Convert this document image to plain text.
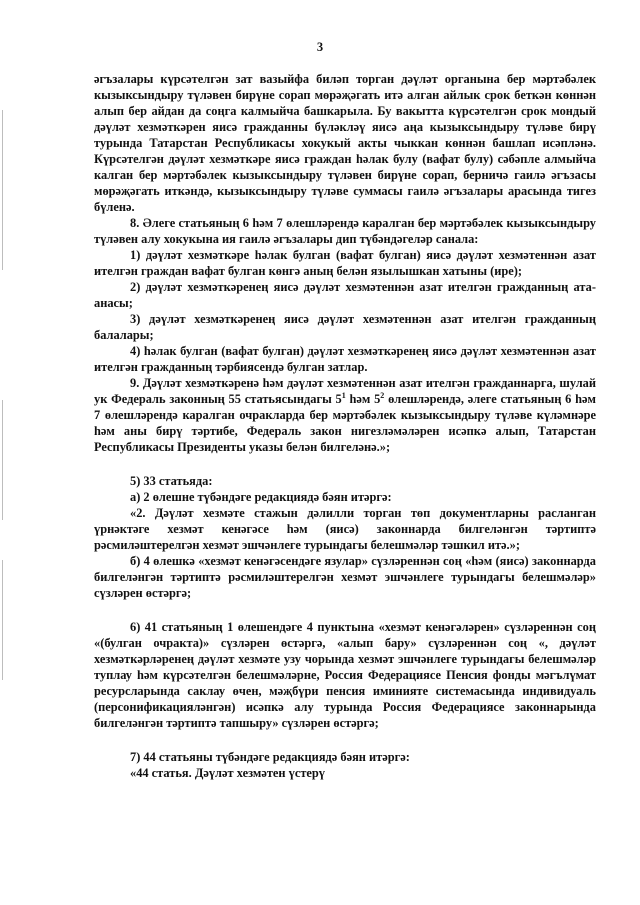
3

əгъзалары күрсәтелгән зат вазыйфа биләп торган дәүләт органына бер мәртәбәлек кызыксындыру түләвен бирүне сорап мөрәҗәгать итә алган айлык срок беткән көннән алып бер айдан да соңга калмыйча башкарыла. Бу вакытта күрсәтелгән срок мондый дәүләт хезмәткәрен яисә гражданны бүләкләү яисә аңа кызыксындыру түләве бирү турында Татарстан Республикасы хокукый акты чыккан көннән башлап исәпләнә. Күрсәтелгән дәүләт хезмәткәре яисә граждан һәлак булу (вафат булу) сәбәпле алмыйча калган бер мәртәбәлек кызыксындыру түләвен бирүне сорап, берничә гаилә әгъзасы мөрәҗәгать иткәндә, кызыксындыру түләве суммасы гаилә әгъзалары арасында тигез бүленә.

8. Әлеге статьяның 6 һәм 7 өлешләрендә каралган бер мәртәбәлек кызыксындыру түләвен алу хокукына ия гаилә әгъзалары дип түбәндәгеләр санала:

1) дәүләт хезмәткәре һәлак булган (вафат булган) яисә дәүләт хезмәтеннән азат ителгән граждан вафат булган көнгә аның белән язылышкан хатыны (ире);

2) дәүләт хезмәткәренең яисә дәүләт хезмәтеннән азат ителгән гражданның ата-анасы;

3) дәүләт хезмәткәренең яисә дәүләт хезмәтеннән азат ителгән гражданның балалары;

4) һәлак булган (вафат булган) дәүләт хезмәткәренең яисә дәүләт хезмәтеннән азат ителгән гражданның тәрбиясендә булган затлар.

9. Дәүләт хезмәткәренә һәм дәүләт хезмәтеннән азат ителгән гражданнарга, шулай ук Федераль законның 55 статьясындагы $5^1$ һәм $5^2$ өлешләрендә, әлеге статьяның 6 һәм 7 өлешләрендә каралган очракларда бер мәртәбәлек кызыксындыру түләве күләмнәре һәм аны бирү тәртибе, Федераль закон нигезләмәләрен исәпкә алып, Татарстан Республикасы Президенты указы белән билгеләнә.»;

5) 33 статьяда:

а) 2 өлешне түбәндәге редакциядә бәян итәргә:

«2. Дәүләт хезмәте стажын дәлилли торган төп документларны расланган үрнәктәге хезмәт кенәгәсе һәм (яисә) законнарда билгеләнгән тәртиптә рәсмиләштерелгән хезмәт эшчәнлеге турындагы белешмәләр тәшкил итә.»;

б) 4 өлешкә «хезмәт кенәгәсендәге язулар» сүзләреннән соң «һәм (яисә) законнарда билгеләнгән тәртиптә рәсмиләштерелгән хезмәт эшчәнлеге турындагы белешмәләр» сүзләрен өстәргә;

6) 41 статьяның 1 өлешендәге 4 пунктына «хезмәт кенәгәләрен» сүзләреннән соң «(булган очракта)» сүзләрен өстәргә, «алып бару» сүзләреннән соң «, дәүләт хезмәткәрләренең дәүләт хезмәте узу чорында хезмәт эшчәнлеге турындагы белешмәләр туплау һәм күрсәтелгән белешмәләрне, Россия Федерациясе Пенсия фонды мәгълүмат ресурсларында саклау өчен, мәҗбүри пенсия иминияте системасында индивидуаль (персонификацияләнгән) исәпкә алу турында Россия Федерациясе законнарында билгеләнгән тәртиптә тапшыру» сүзләрен өстәргә;

7) 44 статьяны түбәндәге редакциядә бәян итәргә:

«44 статья. Дәүләт хезмәтен үстерү
